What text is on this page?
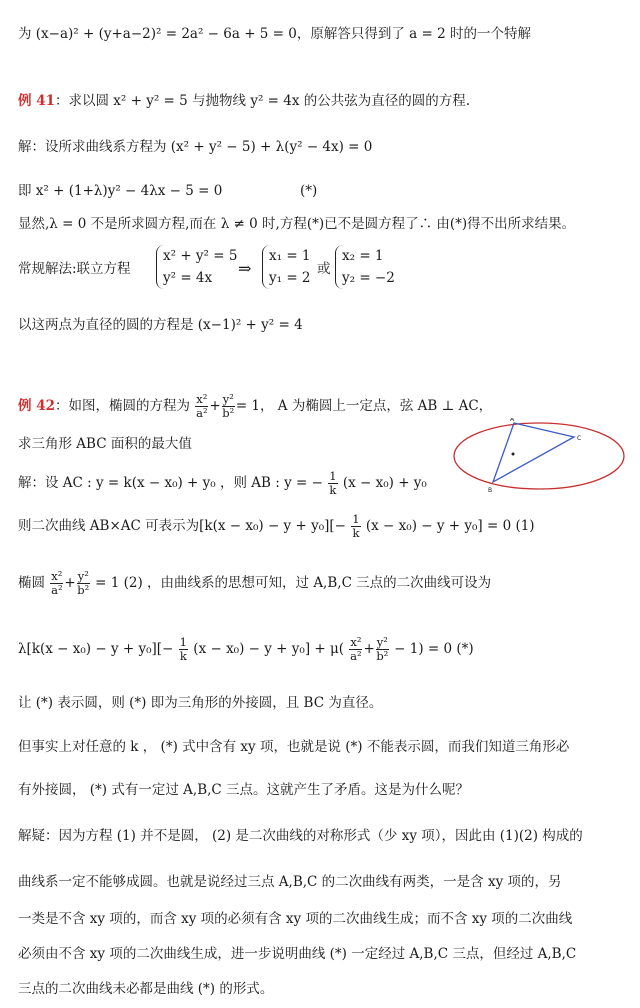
为 (x−a)² + (y+a−2)² = 2a² − 6a + 5 = 0，原解答只得到了 a = 2 时的一个特解
例 41：求以圆 x² + y² = 5 与抛物线 y² = 4x 的公共弦为直径的圆的方程.
解：设所求曲线系方程为 (x² + y² − 5) + λ(y² − 4x) = 0
即 x² + (1+λ)y² − 4λx − 5 = 0	(*)
显然,λ = 0 不是所求圆方程,而在 λ ≠ 0 时,方程(*)已不是圆方程了∴ 由(*)得不出所求结果。
常规解法:联立方程
x² + y² = 5
y² = 4x	⇒
x₁ = 1
y₁ = 2
或
x₂ = 1
y₂ = −2
以这两点为直径的圆的方程是 (x−1)² + y² = 4
例 42：如图，椭圆的方程为 $\frac{\text{x²}}{\text{a²}} + \frac{\text{y²}}{\text{b²}} = 1$， A 为椭圆上一定点，弦 AB ⊥ AC，
求三角形 ABC 面积的最大值
A
B
C
解：设 AC : y = k(x − x₀) + y₀ ，则 AB : y = − $\frac{1}{k} (x - x_0) + y_0$
则二次曲线 AB×AC 可表示为$[k(x - x_0) - y + y_0][- \frac{1}{k} (x - x_0) - y + y_0] = 0$ (1)
椭圆 $\frac{\text{x²}}{\text{a²}} + \frac{\text{y²}}{\text{b²}} = 1$ (2) ，由曲线系的思想可知，过 A,B,C 三点的二次曲线可设为
$\lambda[k(x - x_0) - y + y_0][- \frac{1}{k} (x - x_0) - y + y_0] + \mu( \frac{\text{x²}}{\text{a²}} + \frac{\text{y²}}{\text{b²}} - 1) = 0$ (*)
让 (*) 表示圆，则 (*) 即为三角形的外接圆，且 BC 为直径。
但事实上对任意的 k ， (*) 式中含有 xy 项，也就是说 (*) 不能表示圆，而我们知道三角形必
有外接圆， (*) 式有一定过 A,B,C 三点。这就产生了矛盾。这是为什么呢？
解疑：因为方程 (1) 并不是圆， (2) 是二次曲线的对称形式（少 xy 项），因此由 (1)(2) 构成的
曲线系一定不能够成圆。也就是说经过三点 A,B,C 的二次曲线有两类，一是含 xy 项的，另
一类是不含 xy 项的，而含 xy 项的必须有含 xy 项的二次曲线生成；而不含 xy 项的二次曲线
必须由不含 xy 项的二次曲线生成，进一步说明曲线 (*) 一定经过 A,B,C 三点，但经过 A,B,C
三点的二次曲线未必都是曲线 (*) 的形式。
